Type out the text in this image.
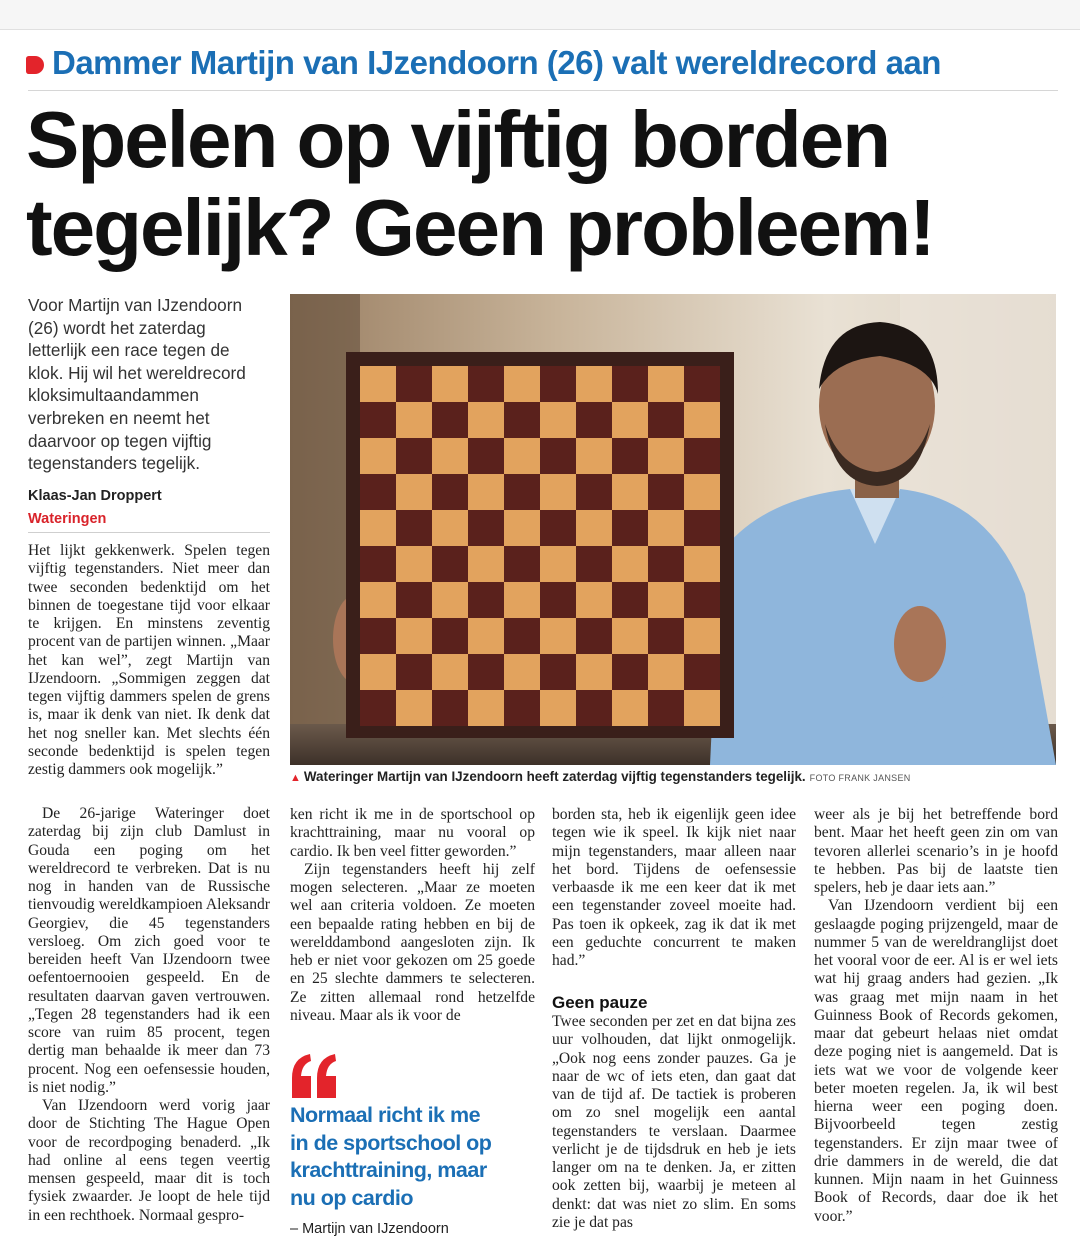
Dammer Martijn van IJzendoorn (26) valt wereldrecord aan
Spelen op vijftig borden
tegelijk? Geen probleem!

Voor Martijn van IJzendoorn (26) wordt het zaterdag letterlijk een race tegen de klok. Hij wil het wereldrecord kloksimultaandammen verbreken en neemt het daarvoor op tegen vijftig tegenstanders tegelijk.

Klaas-Jan Droppert
Wateringen

Het lijkt gekkenwerk. Spelen tegen vijftig tegenstanders. Niet meer dan twee seconden bedenktijd om het binnen de toegestane tijd voor elkaar te krijgen. En minstens zeventig procent van de partijen winnen. „Maar het kan wel”, zegt Martijn van IJzendoorn. „Sommigen zeggen dat tegen vijftig dammers spelen de grens is, maar ik denk van niet. Ik denk dat het nog sneller kan. Met slechts één seconde bedenktijd is spelen tegen zestig dammers ook mogelijk.”

De 26-jarige Wateringer doet zaterdag bij zijn club Damlust in Gouda een poging om het wereldrecord te verbreken. Dat is nu nog in handen van de Russische tienvoudig wereldkampioen Aleksandr Georgiev, die 45 tegenstanders versloeg. Om zich goed voor te bereiden heeft Van IJzendoorn twee oefentoernooien gespeeld. En de resultaten daarvan gaven vertrouwen. „Tegen 28 tegenstanders had ik een score van ruim 85 procent, tegen dertig man behaalde ik meer dan 73 procent. Nog een oefensessie houden, is niet nodig.”

Van IJzendoorn werd vorig jaar door de Stichting The Hague Open voor de recordpoging benaderd. „Ik had online al eens tegen veertig mensen gespeeld, maar dit is toch fysiek zwaarder. Je loopt de hele tijd in een rechthoek. Normaal gespro-

▲ Wateringer Martijn van IJzendoorn heeft zaterdag vijftig tegenstanders tegelijk. FOTO FRANK JANSEN

ken richt ik me in de sportschool op krachttraining, maar nu vooral op cardio. Ik ben veel fitter geworden.”

Zijn tegenstanders heeft hij zelf mogen selecteren. „Maar ze moeten wel aan criteria voldoen. Ze moeten een bepaalde rating hebben en bij de werelddambond aangesloten zijn. Ik heb er niet voor gekozen om 25 goede en 25 slechte dammers te selecteren. Ze zitten allemaal rond hetzelfde niveau. Maar als ik voor de

Normaal richt ik me
in de sportschool op
krachttraining, maar
nu op cardio
– Martijn van IJzendoorn

borden sta, heb ik eigenlijk geen idee tegen wie ik speel. Ik kijk niet naar mijn tegenstanders, maar alleen naar het bord. Tijdens de oefensessie verbaasde ik me een keer dat ik met een tegenstander zoveel moeite had. Pas toen ik opkeek, zag ik dat ik met een geduchte concurrent te maken had.”

Geen pauze

Twee seconden per zet en dat bijna zes uur volhouden, dat lijkt onmogelijk. „Ook nog eens zonder pauzes. Ga je naar de wc of iets eten, dan gaat dat van de tijd af. De tactiek is proberen om zo snel mogelijk een aantal tegenstanders te verslaan. Daarmee verlicht je de tijdsdruk en heb je iets langer om na te denken. Ja, er zitten ook zetten bij, waarbij je meteen al denkt: dat was niet zo slim. En soms zie je dat pas

weer als je bij het betreffende bord bent. Maar het heeft geen zin om van tevoren allerlei scenario’s in je hoofd te hebben. Pas bij de laatste tien spelers, heb je daar iets aan.”

Van IJzendoorn verdient bij een geslaagde poging prijzengeld, maar de nummer 5 van de wereldranglijst doet het vooral voor de eer. Al is er wel iets wat hij graag anders had gezien. „Ik was graag met mijn naam in het Guinness Book of Records gekomen, maar dat gebeurt helaas niet omdat deze poging niet is aangemeld. Dat is iets wat we voor de volgende keer beter moeten regelen. Ja, ik wil best hierna weer een poging doen. Bijvoorbeeld tegen zestig tegenstanders. Er zijn maar twee of drie dammers in de wereld, die dat kunnen. Mijn naam in het Guinness Book of Records, daar doe ik het voor.”
